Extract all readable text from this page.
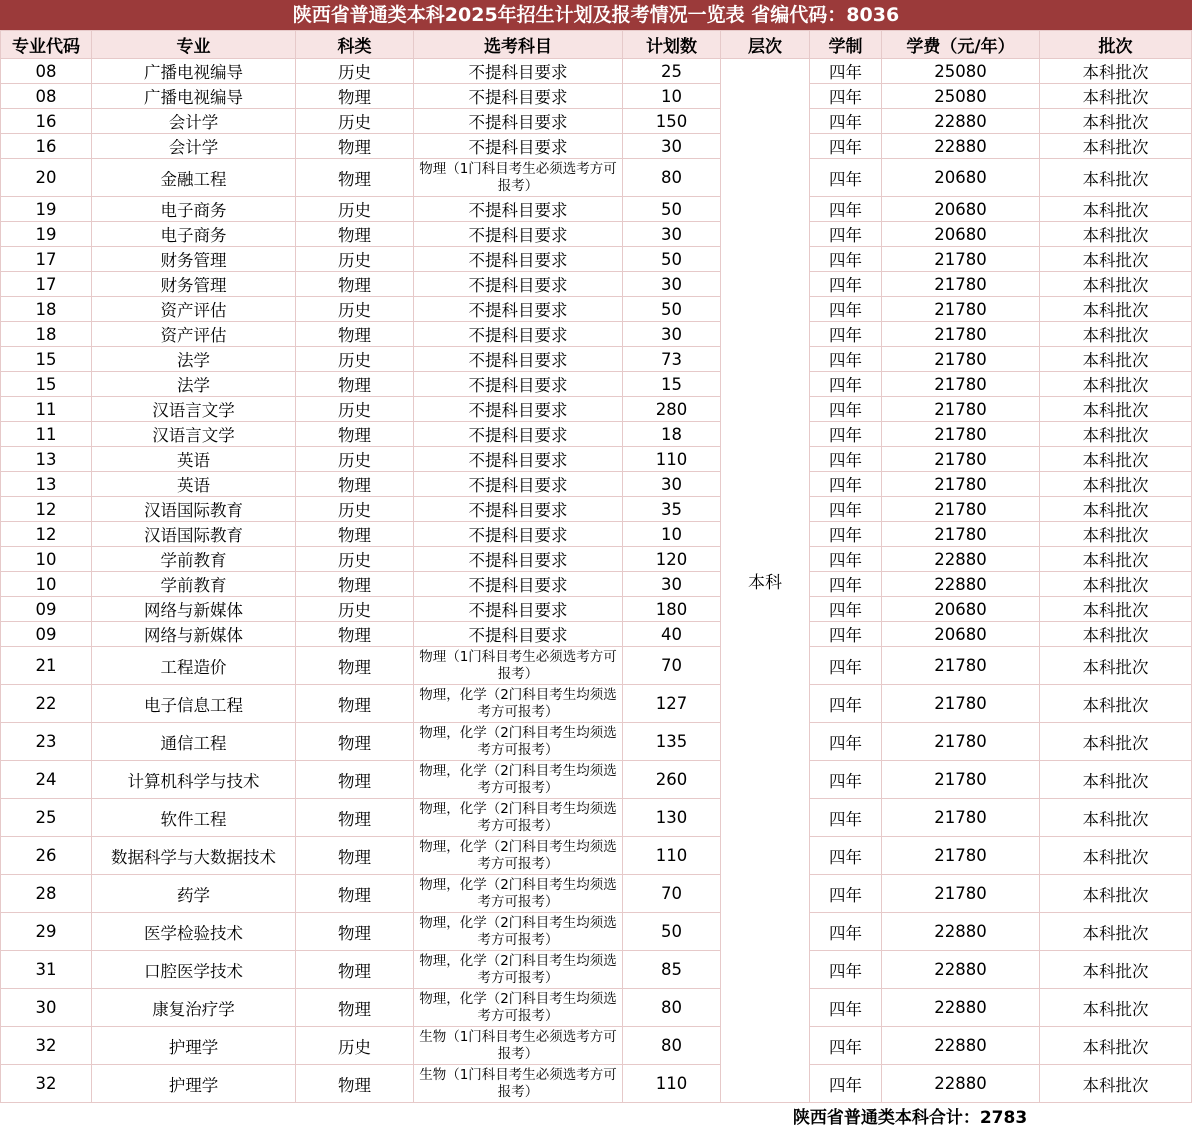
陕西省普通类本科2025年招生计划及报考情况一览表 省编代码：8036
专业代码	专业	科类	选考科目	计划数	层次	学制	学费（元/年）	批次
08	广播电视编导	历史	不提科目要求	25	本科	四年	25080	本科批次
08	广播电视编导	物理	不提科目要求	10		四年	25080	本科批次
16	会计学	历史	不提科目要求	150		四年	22880	本科批次
16	会计学	物理	不提科目要求	30		四年	22880	本科批次
20	金融工程	物理	物理（1门科目考生必须选考方可报考）	80		四年	20680	本科批次
19	电子商务	历史	不提科目要求	50		四年	20680	本科批次
19	电子商务	物理	不提科目要求	30		四年	20680	本科批次
17	财务管理	历史	不提科目要求	50		四年	21780	本科批次
17	财务管理	物理	不提科目要求	30		四年	21780	本科批次
18	资产评估	历史	不提科目要求	50		四年	21780	本科批次
18	资产评估	物理	不提科目要求	30		四年	21780	本科批次
15	法学	历史	不提科目要求	73		四年	21780	本科批次
15	法学	物理	不提科目要求	15		四年	21780	本科批次
11	汉语言文学	历史	不提科目要求	280		四年	21780	本科批次
11	汉语言文学	物理	不提科目要求	18		四年	21780	本科批次
13	英语	历史	不提科目要求	110		四年	21780	本科批次
13	英语	物理	不提科目要求	30		四年	21780	本科批次
12	汉语国际教育	历史	不提科目要求	35		四年	21780	本科批次
12	汉语国际教育	物理	不提科目要求	10		四年	21780	本科批次
10	学前教育	历史	不提科目要求	120		四年	22880	本科批次
10	学前教育	物理	不提科目要求	30		四年	22880	本科批次
09	网络与新媒体	历史	不提科目要求	180		四年	20680	本科批次
09	网络与新媒体	物理	不提科目要求	40		四年	20680	本科批次
21	工程造价	物理	物理（1门科目考生必须选考方可报考）	70		四年	21780	本科批次
22	电子信息工程	物理	物理，化学（2门科目考生均须选考方可报考）	127		四年	21780	本科批次
23	通信工程	物理	物理，化学（2门科目考生均须选考方可报考）	135		四年	21780	本科批次
24	计算机科学与技术	物理	物理，化学（2门科目考生均须选考方可报考）	260		四年	21780	本科批次
25	软件工程	物理	物理，化学（2门科目考生均须选考方可报考）	130		四年	21780	本科批次
26	数据科学与大数据技术	物理	物理，化学（2门科目考生均须选考方可报考）	110		四年	21780	本科批次
28	药学	物理	物理，化学（2门科目考生均须选考方可报考）	70		四年	21780	本科批次
29	医学检验技术	物理	物理，化学（2门科目考生均须选考方可报考）	50		四年	22880	本科批次
31	口腔医学技术	物理	物理，化学（2门科目考生均须选考方可报考）	85		四年	22880	本科批次
30	康复治疗学	物理	物理，化学（2门科目考生均须选考方可报考）	80		四年	22880	本科批次
32	护理学	历史	生物（1门科目考生必须选考方可报考）	80		四年	22880	本科批次
32	护理学	物理	生物（1门科目考生必须选考方可报考）	110		四年	22880	本科批次
陕西省普通类本科合计：2783
